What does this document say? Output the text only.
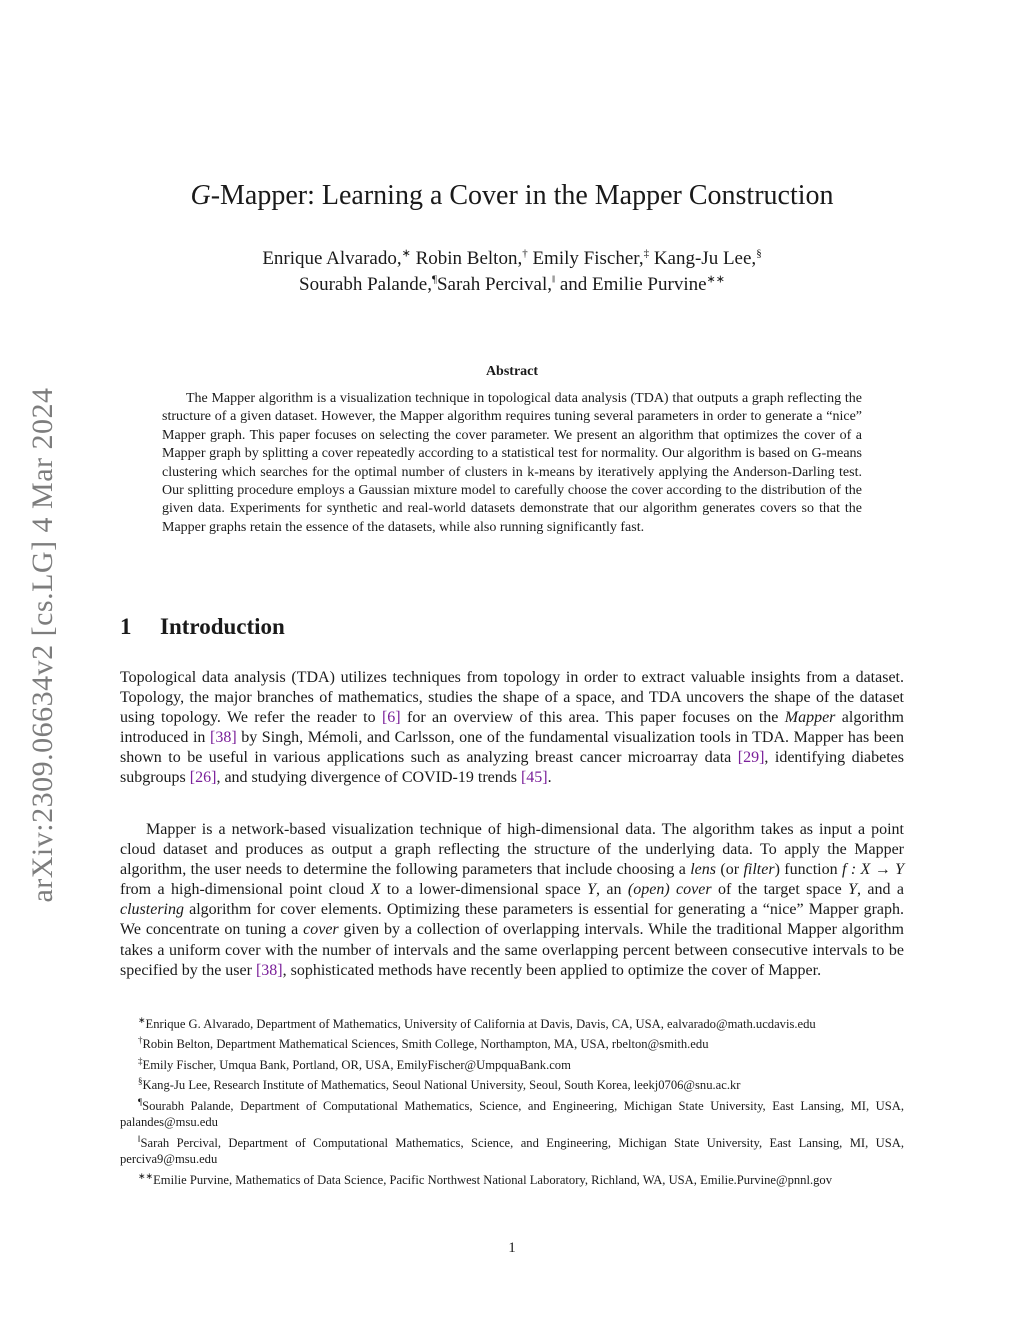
arXiv:2309.06634v2 [cs.LG] 4 Mar 2024
G-Mapper: Learning a Cover in the Mapper Construction
Enrique Alvarado,∗ Robin Belton,† Emily Fischer,‡ Kang-Ju Lee,§
Sourabh Palande,¶Sarah Percival,‖ and Emilie Purvine∗∗
Abstract

The Mapper algorithm is a visualization technique in topological data analysis (TDA) that outputs a graph reflecting the structure of a given dataset. However, the Mapper algorithm requires tuning several parameters in order to generate a “nice” Mapper graph. This paper focuses on selecting the cover parameter. We present an algorithm that optimizes the cover of a Mapper graph by splitting a cover repeatedly according to a statistical test for normality. Our algorithm is based on G-means clustering which searches for the optimal number of clusters in k-means by iteratively applying the Anderson-Darling test. Our splitting procedure employs a Gaussian mixture model to carefully choose the cover according to the distribution of the given data. Experiments for synthetic and real-world datasets demonstrate that our algorithm generates covers so that the Mapper graphs retain the essence of the datasets, while also running significantly fast.

1 Introduction

Topological data analysis (TDA) utilizes techniques from topology in order to extract valuable insights from a dataset. Topology, the major branches of mathematics, studies the shape of a space, and TDA uncovers the shape of the dataset using topology. We refer the reader to [6] for an overview of this area. This paper focuses on the Mapper algorithm introduced in [38] by Singh, Mémoli, and Carlsson, one of the fundamental visualization tools in TDA. Mapper has been shown to be useful in various applications such as analyzing breast cancer microarray data [29], identifying diabetes subgroups [26], and studying divergence of COVID-19 trends [45].

Mapper is a network-based visualization technique of high-dimensional data. The algorithm takes as input a point cloud dataset and produces as output a graph reflecting the structure of the underlying data. To apply the Mapper algorithm, the user needs to determine the following parameters that include choosing a lens (or filter) function f : X → Y from a high-dimensional point cloud X to a lower-dimensional space Y, an (open) cover of the target space Y, and a clustering algorithm for cover elements. Optimizing these parameters is essential for generating a “nice” Mapper graph. We concentrate on tuning a cover given by a collection of overlapping intervals. While the traditional Mapper algorithm takes a uniform cover with the number of intervals and the same overlapping percent between consecutive intervals to be specified by the user [38], sophisticated methods have recently been applied to optimize the cover of Mapper.

∗Enrique G. Alvarado, Department of Mathematics, University of California at Davis, Davis, CA, USA, ealvarado@math.ucdavis.edu

†Robin Belton, Department Mathematical Sciences, Smith College, Northampton, MA, USA, rbelton@smith.edu

‡Emily Fischer, Umqua Bank, Portland, OR, USA, EmilyFischer@UmpquaBank.com

§Kang-Ju Lee, Research Institute of Mathematics, Seoul National University, Seoul, South Korea, leekj0706@snu.ac.kr

¶Sourabh Palande, Department of Computational Mathematics, Science, and Engineering, Michigan State University, East Lansing, MI, USA, palandes@msu.edu

‖Sarah Percival, Department of Computational Mathematics, Science, and Engineering, Michigan State University, East Lansing, MI, USA, perciva9@msu.edu

∗∗Emilie Purvine, Mathematics of Data Science, Pacific Northwest National Laboratory, Richland, WA, USA, Emilie.Purvine@pnnl.gov

1
